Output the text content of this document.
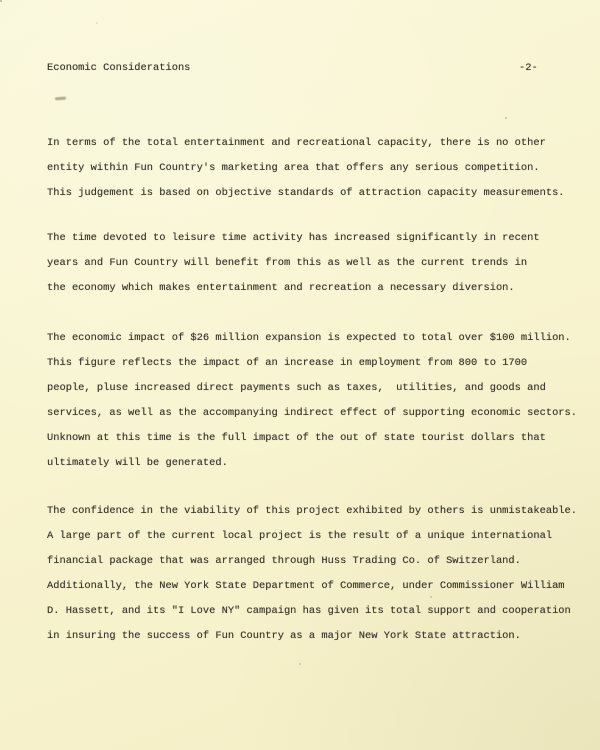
Economic Considerations	-2-
In terms of the total entertainment and recreational capacity, there is no other
entity within Fun Country's marketing area that offers any serious competition.
This judgement is based on objective standards of attraction capacity measurements.
The time devoted to leisure time activity has increased significantly in recent
years and Fun Country will benefit from this as well as the current trends in
the economy which makes entertainment and recreation a necessary diversion.
The economic impact of $26 million expansion is expected to total over $100 million.
This figure reflects the impact of an increase in employment from 800 to 1700
people, pluse increased direct payments such as taxes,  utilities, and goods and
services, as well as the accompanying indirect effect of supporting economic sectors.
Unknown at this time is the full impact of the out of state tourist dollars that
ultimately will be generated.
The confidence in the viability of this project exhibited by others is unmistakeable.
A large part of the current local project is the result of a unique international
financial package that was arranged through Huss Trading Co. of Switzerland.
Additionally, the New York State Department of Commerce, under Commissioner William
D. Hassett, and its "I Love NY" campaign has given its total support and cooperation
in insuring the success of Fun Country as a major New York State attraction.
